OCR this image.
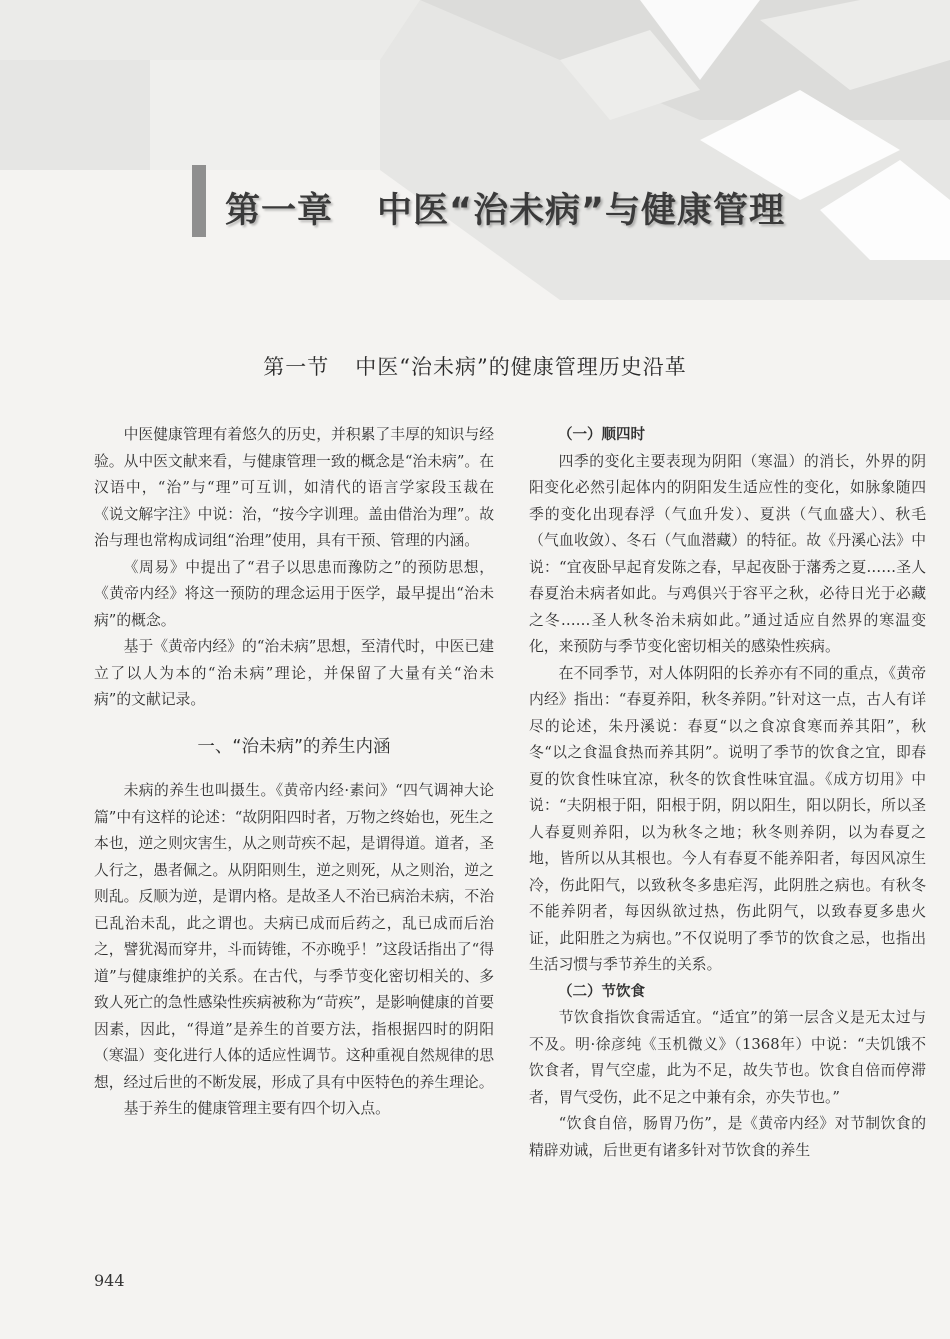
第一章 中医“治未病”与健康管理
第一节 中医“治未病”的健康管理历史沿革

中医健康管理有着悠久的历史，并积累了丰厚的知识与经验。从中医文献来看，与健康管理一致的概念是“治未病”。在汉语中，“治”与“理”可互训，如清代的语言学家段玉裁在《说文解字注》中说：治，“按今字训理。盖由借治为理”。故治与理也常构成词组“治理”使用，具有干预、管理的内涵。

《周易》中提出了“君子以思患而豫防之”的预防思想，《黄帝内经》将这一预防的理念运用于医学，最早提出“治未病”的概念。

基于《黄帝内经》的“治未病”思想，至清代时，中医已建立了以人为本的“治未病”理论，并保留了大量有关“治未病”的文献记录。

一、“治未病”的养生内涵

未病的养生也叫摄生。《黄帝内经·素问》“四气调神大论篇”中有这样的论述：“故阴阳四时者，万物之终始也，死生之本也，逆之则灾害生，从之则苛疾不起，是谓得道。道者，圣人行之，愚者佩之。从阴阳则生，逆之则死，从之则治，逆之则乱。反顺为逆，是谓内格。是故圣人不治已病治未病，不治已乱治未乱，此之谓也。夫病已成而后药之，乱已成而后治之，譬犹渴而穿井，斗而铸锥，不亦晚乎！”这段话指出了“得道”与健康维护的关系。在古代，与季节变化密切相关的、多致人死亡的急性感染性疾病被称为“苛疾”，是影响健康的首要因素，因此，“得道”是养生的首要方法，指根据四时的阴阳（寒温）变化进行人体的适应性调节。这种重视自然规律的思想，经过后世的不断发展，形成了具有中医特色的养生理论。

基于养生的健康管理主要有四个切入点。

（一）顺四时

四季的变化主要表现为阴阳（寒温）的消长，外界的阴阳变化必然引起体内的阴阳发生适应性的变化，如脉象随四季的变化出现春浮（气血升发）、夏洪（气血盛大）、秋毛（气血收敛）、冬石（气血潜藏）的特征。故《丹溪心法》中说：“宜夜卧早起育发陈之春，早起夜卧于藩秀之夏……圣人春夏治未病者如此。与鸡俱兴于容平之秋，必待日光于必藏之冬……圣人秋冬治未病如此。”通过适应自然界的寒温变化，来预防与季节变化密切相关的感染性疾病。

在不同季节，对人体阴阳的长养亦有不同的重点，《黄帝内经》指出：“春夏养阳，秋冬养阴。”针对这一点，古人有详尽的论述，朱丹溪说：春夏“以之食凉食寒而养其阳”，秋冬“以之食温食热而养其阴”。说明了季节的饮食之宜，即春夏的饮食性味宜凉，秋冬的饮食性味宜温。《成方切用》中说：“夫阴根于阳，阳根于阴，阴以阳生，阳以阴长，所以圣人春夏则养阳，以为秋冬之地；秋冬则养阴，以为春夏之地，皆所以从其根也。今人有春夏不能养阳者，每因风凉生冷，伤此阳气，以致秋冬多患疟泻，此阴胜之病也。有秋冬不能养阴者，每因纵欲过热，伤此阴气，以致春夏多患火证，此阳胜之为病也。”不仅说明了季节的饮食之忌，也指出生活习惯与季节养生的关系。

（二）节饮食

节饮食指饮食需适宜。“适宜”的第一层含义是无太过与不及。明·徐彦纯《玉机微义》（1368年）中说：“夫饥饿不饮食者，胃气空虚，此为不足，故失节也。饮食自倍而停滞者，胃气受伤，此不足之中兼有余，亦失节也。”

“饮食自倍，肠胃乃伤”，是《黄帝内经》对节制饮食的精辟劝诫，后世更有诸多针对节饮食的养生

944
